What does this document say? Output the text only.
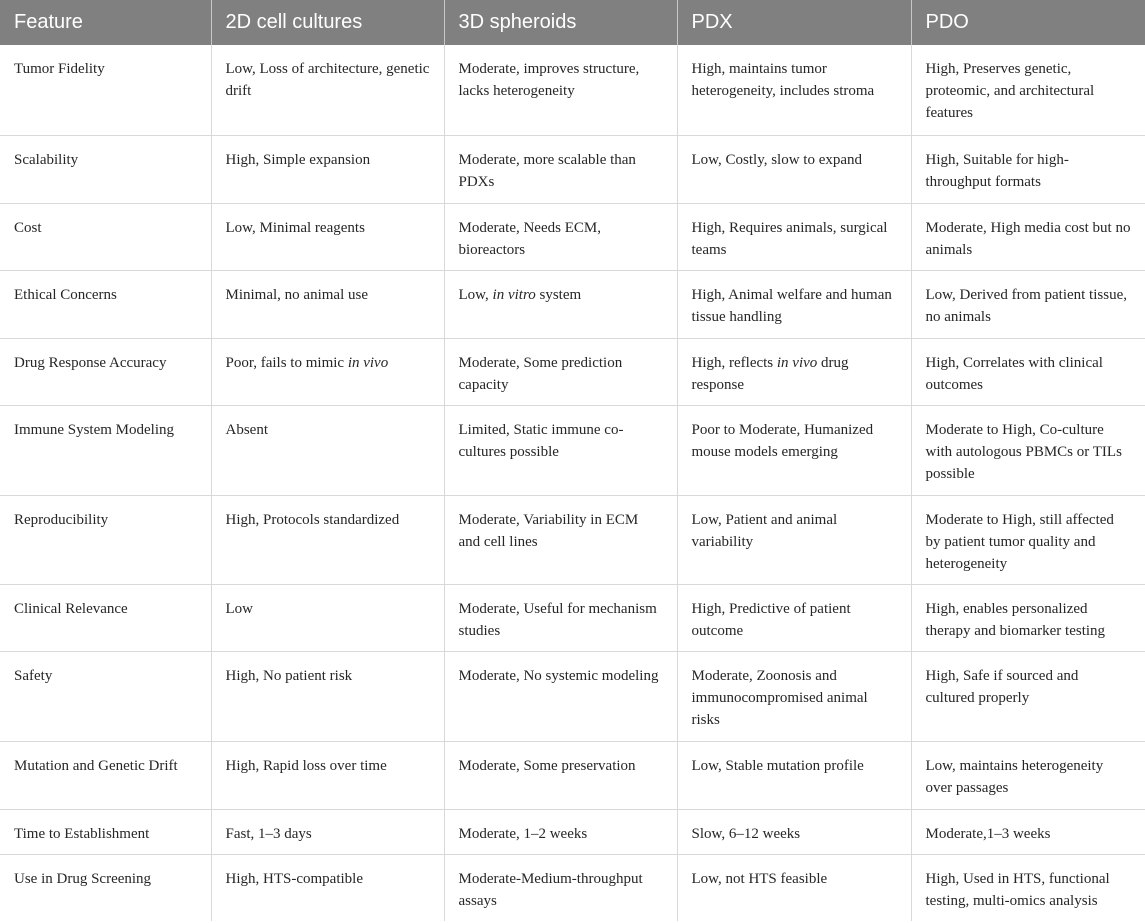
Feature	2D cell cultures	3D spheroids	PDX	PDO
Tumor Fidelity	Low, Loss of architecture, genetic drift	Moderate, improves structure, lacks heterogeneity	High, maintains tumor heterogeneity, includes stroma	High, Preserves genetic, proteomic, and architectural features
Scalability	High, Simple expansion	Moderate, more scalable than PDXs	Low, Costly, slow to expand	High, Suitable for high-throughput formats
Cost	Low, Minimal reagents	Moderate, Needs ECM, bioreactors	High, Requires animals, surgical teams	Moderate, High media cost but no animals
Ethical Concerns	Minimal, no animal use	Low, in vitro system	High, Animal welfare and human tissue handling	Low, Derived from patient tissue, no animals
Drug Response Accuracy	Poor, fails to mimic in vivo	Moderate, Some prediction capacity	High, reflects in vivo drug response	High, Correlates with clinical outcomes
Immune System Modeling	Absent	Limited, Static immune co-cultures possible	Poor to Moderate, Humanized mouse models emerging	Moderate to High, Co-culture with autologous PBMCs or TILs possible
Reproducibility	High, Protocols standardized	Moderate, Variability in ECM and cell lines	Low, Patient and animal variability	Moderate to High, still affected by patient tumor quality and heterogeneity
Clinical Relevance	Low	Moderate, Useful for mechanism studies	High, Predictive of patient outcome	High, enables personalized therapy and biomarker testing
Safety	High, No patient risk	Moderate, No systemic modeling	Moderate, Zoonosis and immunocompromised animal risks	High, Safe if sourced and cultured properly
Mutation and Genetic Drift	High, Rapid loss over time	Moderate, Some preservation	Low, Stable mutation profile	Low, maintains heterogeneity over passages
Time to Establishment	Fast, 1–3 days	Moderate, 1–2 weeks	Slow, 6–12 weeks	Moderate,1–3 weeks
Use in Drug Screening	High, HTS-compatible	Moderate-Medium-throughput assays	Low, not HTS feasible	High, Used in HTS, functional testing, multi-omics analysis
